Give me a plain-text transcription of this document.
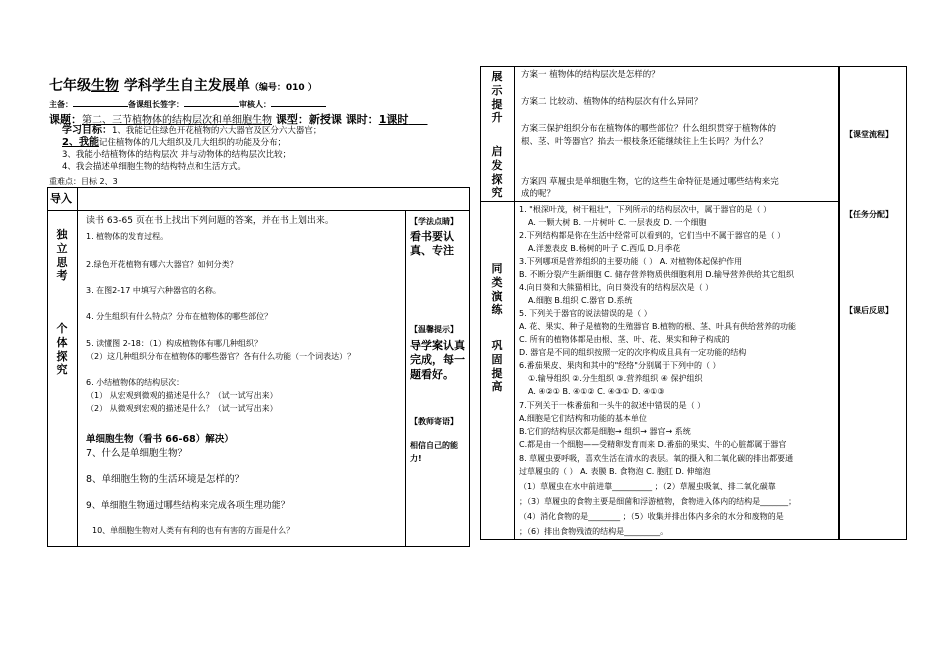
七年级生物 学科学生自主发展单（编号：010 ）
主备：	备课组长签字：	审核人：
课题：第二、三节植物体的结构层次和单细胞生物 课型：新授课 课时：1课时
学习目标：1、我能记住绿色开花植物的六大器官及区分六大器官；
2、我能记住植物体的几大组织及几大组织的功能及分布；
3、我能小结植物体的结构层次 并与动物体的结构层次比较；
4、我会描述单细胞生物的结构特点和生活方式。
重难点：目标 2、3
导入
独立思考
个体探究
读书 63-65 页在书上找出下列问题的答案，并在书上划出来。
1. 植物体的发育过程。
2.绿色开花植物有哪六大器官？如何分类？
3. 在图2-17 中填写六种器官的名称。
4. 分生组织有什么特点？分布在植物体的哪些部位？
5. 读懂图 2-18：（1）构成植物体有哪几种组织？
（2）这几种组织分布在植物体的哪些器官？各有什么功能（一个词表达）？
6. 小结植物体的结构层次：
（1） 从宏观到微观的描述是什么？（试一试写出来）
（2） 从微观到宏观的描述是什么？（试一试写出来）
单细胞生物（看书 66-68）解决）
7、什么是单细胞生物？
8、单细胞生物的生活环境是怎样的？
9、单细胞生物通过哪些结构来完成各项生理功能？
10、单细胞生物对人类有有利的也有有害的方面是什么？
【学法点睛】
看书要认真、专注
【温馨提示】
导学案认真完成，每一题看好。
【教师寄语】
相信自己的能力!
展示提升
启发探究
方案一 植物体的结构层次是怎样的？
方案二 比较动、植物体的结构层次有什么异同？
方案三保护组织分布在植物体的哪些部位？什么组织贯穿于植物体的
根、茎、叶等器官？掐去一根枝条还能继续往上生长吗？为什么？
方案四 草履虫是单细胞生物，它的这些生命特征是通过哪些结构来完
成的呢？
同类演练
巩固提高
1. "根深叶茂，树干粗壮"，下列所示的结构层次中，属于器官的是（ ）
A. 一颗大树 B. 一片树叶 C. 一层表皮 D. 一个细胞
2.下列结构都是你在生活中经常可以看到的，它们当中不属于器官的是（ ）
A.洋葱表皮 B.杨树的叶子 C.西瓜 D.月季花
3.下列哪项是营养组织的主要功能（ ） A. 对植物体起保护作用
B. 不断分裂产生新细胞 C. 储存营养物质供细胞利用 D.输导营养供给其它组织
4.向日葵和大熊猫相比，向日葵没有的结构层次是（ ）
A.细胞 B.组织 C.器官 D.系统
5. 下列关于器官的说法错误的是（ ）
A. 花、果实、种子是植物的生殖器官 B.植物的根、茎、叶具有供给营养的功能
C. 所有的植物体都是由根、茎、叶、花、果实和种子构成的
D. 器官是不同的组织按照一定的次序构成且具有一定功能的结构
6.番茄果皮、果肉和其中的"经络"分别属于下列中的（ ）
①.输导组织 ②.分生组织 ③.营养组织 ④ 保护组织
A. ④②① B. ④①② C. ④③① D. ④①③
7.下列关于一株番茄和一头牛的叙述中错误的是（ ）
A.细胞是它们结构和功能的基本单位
B.它们的结构层次都是细胞→ 组织→ 器官→ 系统
C.都是由一个细胞——受精卵发育而来 D.番茄的果实、牛的心脏都属于器官
8. 草履虫要呼吸，喜欢生活在清水的表层。氧的摄入和二氧化碳的排出都要通
过草履虫的（ ） A. 表膜 B. 食物泡 C. 胞肛 D. 伸缩泡
（1）草履虫在水中前进靠__________ ；（2）草履虫吸氧、排二氧化碳靠
；（3）草履虫的食物主要是细菌和浮游植物，食物进入体内的结构是_______；
（4）消化食物的是________ ；（5）收集并排出体内多余的水分和废物的是
；（6）排出食物残渣的结构是_________。
【课堂流程】
【任务分配】
【课后反思】
